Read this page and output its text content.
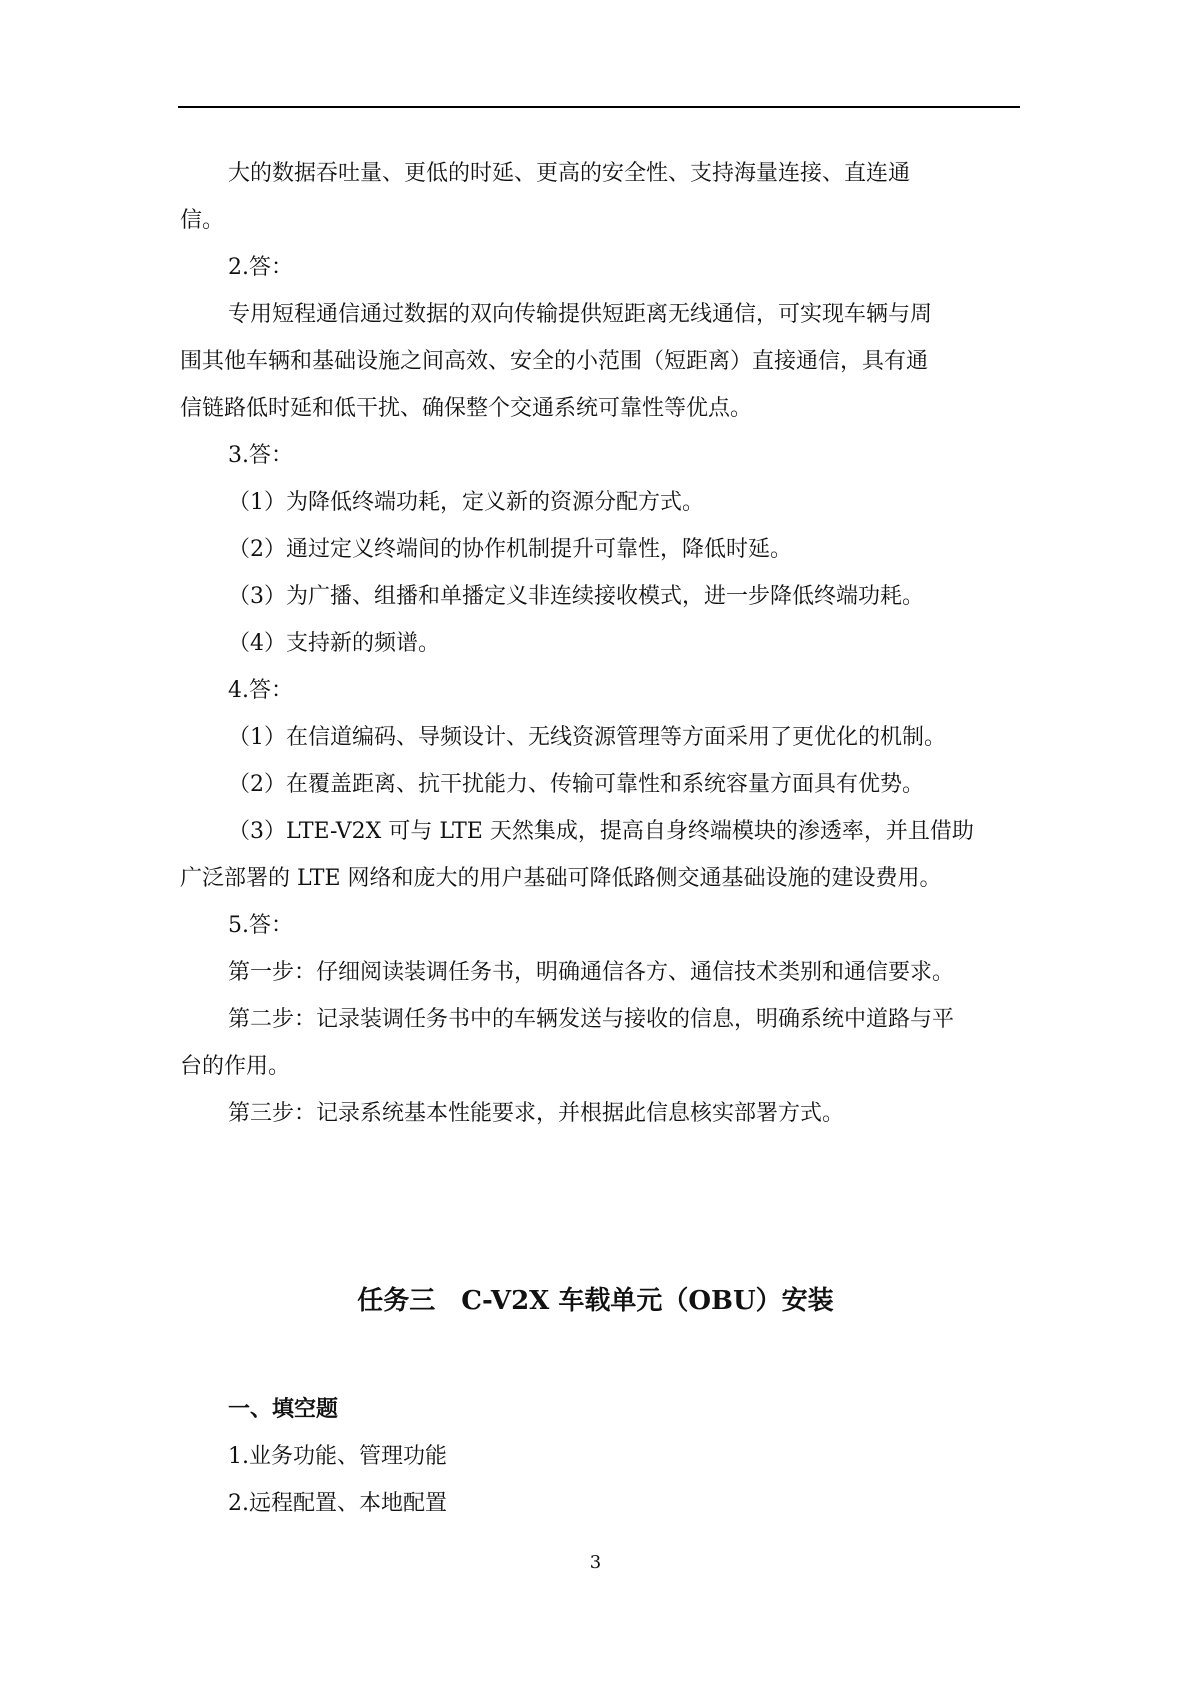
大的数据吞吐量、更低的时延、更高的安全性、支持海量连接、直连通

信。

2.答：

专用短程通信通过数据的双向传输提供短距离无线通信，可实现车辆与周

围其他车辆和基础设施之间高效、安全的小范围（短距离）直接通信，具有通

信链路低时延和低干扰、确保整个交通系统可靠性等优点。

3.答：

（1）为降低终端功耗，定义新的资源分配方式。

（2）通过定义终端间的协作机制提升可靠性，降低时延。

（3）为广播、组播和单播定义非连续接收模式，进一步降低终端功耗。

（4）支持新的频谱。

4.答：

（1）在信道编码、导频设计、无线资源管理等方面采用了更优化的机制。

（2）在覆盖距离、抗干扰能力、传输可靠性和系统容量方面具有优势。

（3）LTE-V2X 可与 LTE 天然集成，提高自身终端模块的渗透率，并且借助

广泛部署的 LTE 网络和庞大的用户基础可降低路侧交通基础设施的建设费用。

5.答：

第一步：仔细阅读装调任务书，明确通信各方、通信技术类别和通信要求。

第二步：记录装调任务书中的车辆发送与接收的信息，明确系统中道路与平

台的作用。

第三步：记录系统基本性能要求，并根据此信息核实部署方式。

任务三　C-V2X 车载单元（OBU）安装

一、填空题

1.业务功能、管理功能

2.远程配置、本地配置

3
